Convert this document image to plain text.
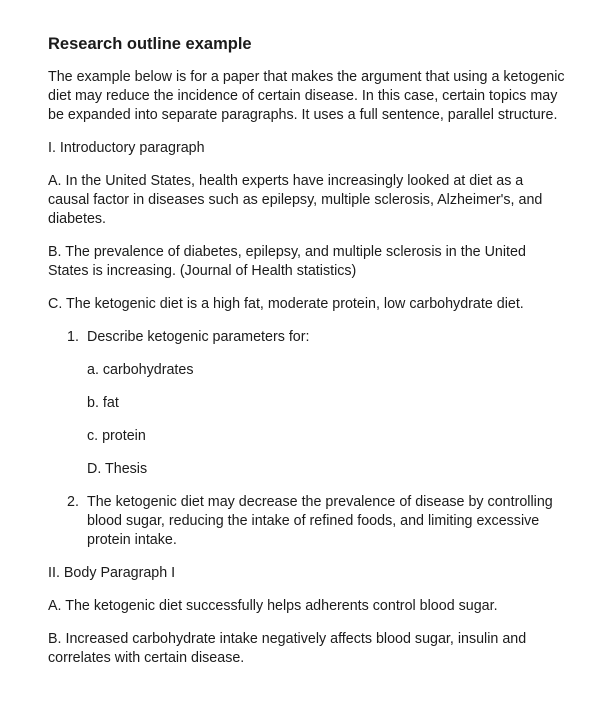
Research outline example
The example below is for a paper that makes the argument that using a ketogenic diet may reduce the incidence of certain disease. In this case, certain topics may be expanded into separate paragraphs. It uses a full sentence, parallel structure.
I. Introductory paragraph
A. In the United States, health experts have increasingly looked at diet as a causal factor in diseases such as epilepsy, multiple sclerosis, Alzheimer's, and diabetes.
B. The prevalence of diabetes, epilepsy, and multiple sclerosis in the United States is increasing. (Journal of Health statistics)
C. The ketogenic diet is a high fat, moderate protein, low carbohydrate diet.
1. Describe ketogenic parameters for:
a. carbohydrates
b. fat
c. protein
D. Thesis
2. The ketogenic diet may decrease the prevalence of disease by controlling blood sugar, reducing the intake of refined foods, and limiting excessive protein intake.
II. Body Paragraph I
A. The ketogenic diet successfully helps adherents control blood sugar.
B. Increased carbohydrate intake negatively affects blood sugar, insulin and correlates with certain disease.
